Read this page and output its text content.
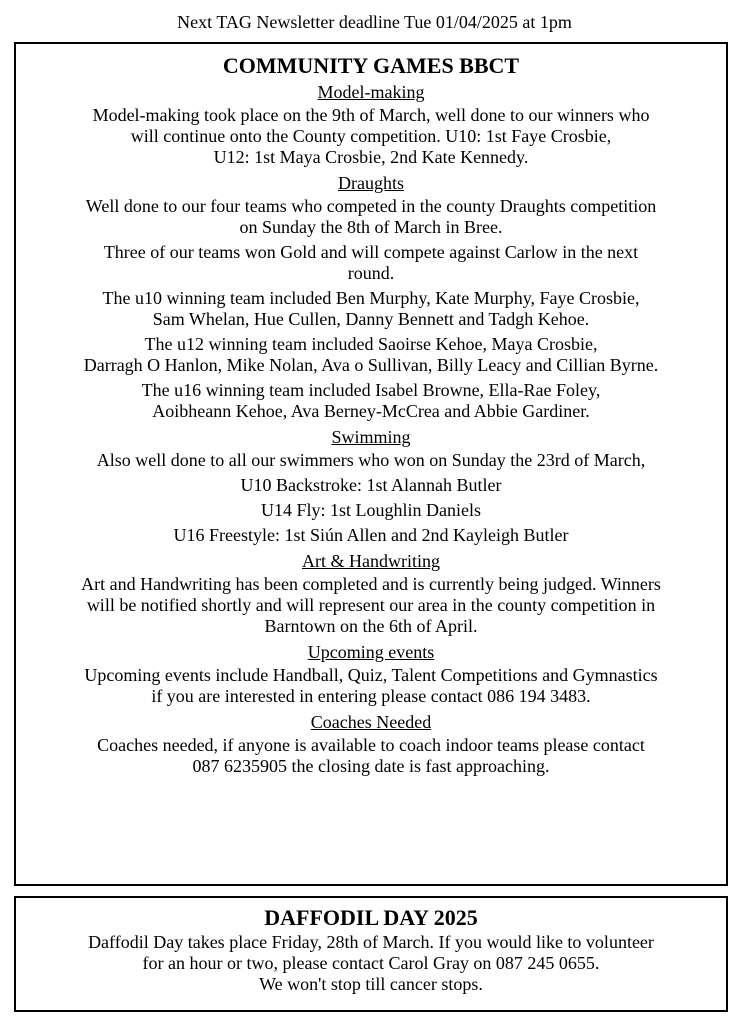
Next TAG Newsletter deadline Tue 01/04/2025 at 1pm
COMMUNITY GAMES BBCT
Model-making

Model-making took place on the 9th of March, well done to our winners who
will continue onto the County competition. U10: 1st Faye Crosbie,
U12: 1st Maya Crosbie, 2nd Kate Kennedy.

Draughts

Well done to our four teams who competed in the county Draughts competition
on Sunday the 8th of March in Bree.

Three of our teams won Gold and will compete against Carlow in the next
round.

The u10 winning team included Ben Murphy, Kate Murphy, Faye Crosbie,
Sam Whelan, Hue Cullen, Danny Bennett and Tadgh Kehoe.

The u12 winning team included Saoirse Kehoe, Maya Crosbie,
Darragh O Hanlon, Mike Nolan, Ava o Sullivan, Billy Leacy and Cillian Byrne.

The u16 winning team included Isabel Browne, Ella-Rae Foley,
Aoibheann Kehoe, Ava Berney-McCrea and Abbie Gardiner.

Swimming

Also well done to all our swimmers who won on Sunday the 23rd of March,

U10 Backstroke: 1st Alannah Butler

U14 Fly: 1st Loughlin Daniels

U16 Freestyle: 1st Siún Allen and 2nd Kayleigh Butler

Art & Handwriting

Art and Handwriting has been completed and is currently being judged. Winners
will be notified shortly and will represent our area in the county competition in
Barntown on the 6th of April.

Upcoming events

Upcoming events include Handball, Quiz, Talent Competitions and Gymnastics
if you are interested in entering please contact 086 194 3483.

Coaches Needed

Coaches needed, if anyone is available to coach indoor teams please contact
087 6235905 the closing date is fast approaching.

DAFFODIL DAY 2025

Daffodil Day takes place Friday, 28th of March. If you would like to volunteer
for an hour or two, please contact Carol Gray on 087 245 0655.
We won't stop till cancer stops.
